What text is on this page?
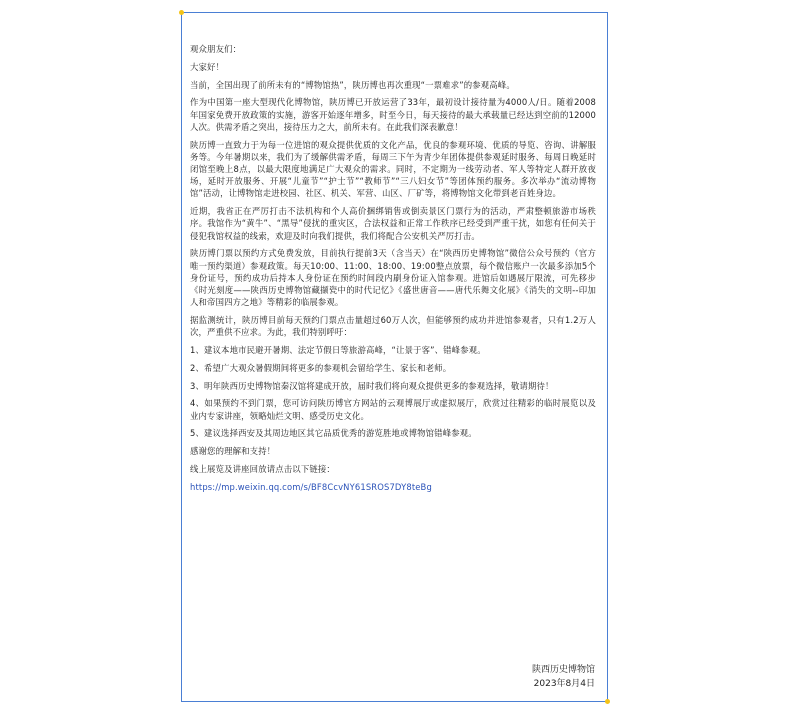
观众朋友们：

大家好！

当前，全国出现了前所未有的“博物馆热”，陕历博也再次重现“一票难求”的参观高峰。

作为中国第一座大型现代化博物馆，陕历博已开放运营了33年，最初设计接待量为4000人/日。随着2008年国家免费开放政策的实施，游客开始逐年增多，时至今日，每天接待的最大承载量已经达到空前的12000人次。供需矛盾之突出，接待压力之大，前所未有。在此我们深表歉意！

陕历博一直致力于为每一位进馆的观众提供优质的文化产品，优良的参观环境、优质的导览、咨询、讲解服务等。今年暑期以来，我们为了缓解供需矛盾，每周三下午为青少年团体提供参观延时服务、每周日晚延时闭馆至晚上8点，以最大限度地满足广大观众的需求。同时，不定期为一线劳动者、军人等特定人群开放夜场，延时开放服务、开展“儿童节”“护士节”“教师节”“三八妇女节”等团体预约服务。多次举办“流动博物馆”活动，让博物馆走进校园、社区、机关、军营、山区、厂矿等，将博物馆文化带到老百姓身边。

近期，我省正在严厉打击不法机构和个人高价捆绑销售或倒卖景区门票行为的活动，严肃整顿旅游市场秩序。我馆作为“黄牛”、“黑导”侵扰的重灾区，合法权益和正常工作秩序已经受到严重干扰，如您有任何关于侵犯我馆权益的线索，欢迎及时向我们提供，我们将配合公安机关严厉打击。

陕历博门票以预约方式免费发放，目前执行提前3天（含当天）在“陕西历史博物馆”微信公众号预约（官方唯一预约渠道）参观政策。每天10:00、11:00、18:00、19:00整点放票，每个微信账户一次最多添加5个身份证号，预约成功后持本人身份证在预约时间段内刷身份证入馆参观。进馆后如遇展厅限流，可先移步《时光刻度——陕西历史博物馆藏撷瓷中的时代记忆》《盛世唐音——唐代乐舞文化展》《消失的文明--印加人和帝国四方之地》等精彩的临展参观。

据监测统计，陕历博目前每天预约门票点击量超过60万人次，但能够预约成功并进馆参观者，只有1.2万人次，严重供不应求。为此，我们特别呼吁：

1、建议本地市民避开暑期、法定节假日等旅游高峰，“让景于客”、错峰参观。

2、希望广大观众暑假期间将更多的参观机会留给学生、家长和老师。

3、明年陕西历史博物馆秦汉馆将建成开放，届时我们将向观众提供更多的参观选择，敬请期待！

4、如果预约不到门票，您可访问陕历博官方网站的云观博展厅或虚拟展厅，欣赏过往精彩的临时展览以及业内专家讲座，领略灿烂文明、感受历史文化。

5、建议选择西安及其周边地区其它品质优秀的游览胜地或博物馆错峰参观。

感谢您的理解和支持！

线上展览及讲座回放请点击以下链接：

https://mp.weixin.qq.com/s/BF8CcvNY61SROS7DY8teBg

陕西历史博物馆
2023年8月4日
